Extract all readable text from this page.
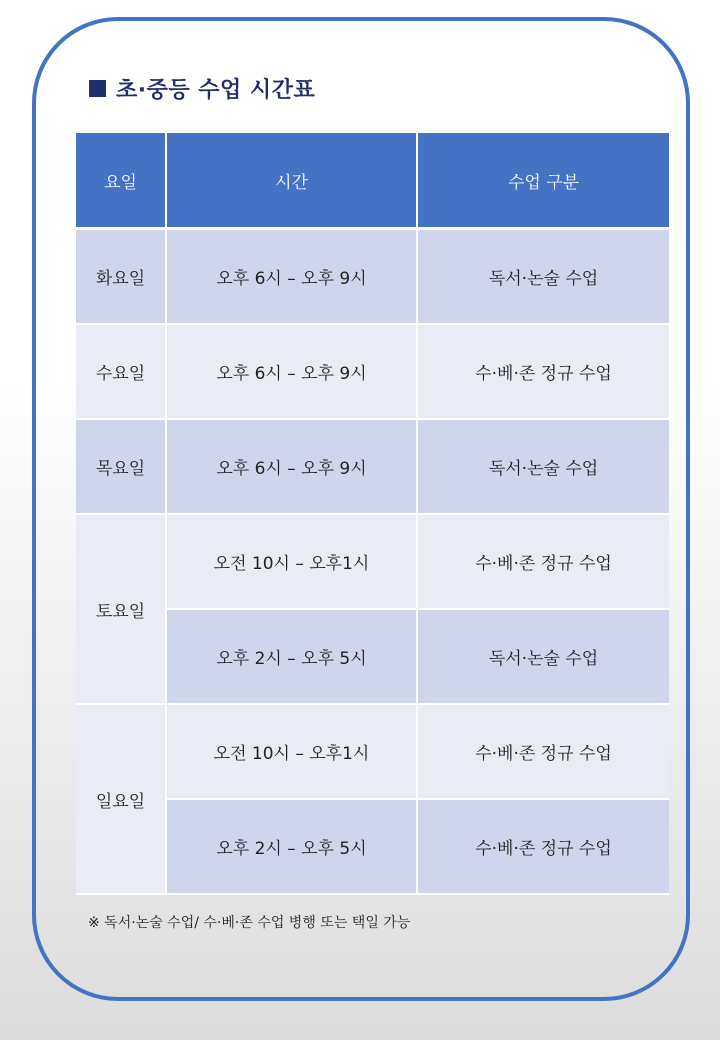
초·중등 수업 시간표
요일	시간	수업 구분
화요일	오후 6시 – 오후 9시	독서·논술 수업
수요일	오후 6시 – 오후 9시	수·베·존 정규 수업
목요일	오후 6시 – 오후 9시	독서·논술 수업
토요일	오전 10시 – 오후1시	수·베·존 정규 수업
	오후 2시 – 오후 5시	독서·논술 수업
일요일	오전 10시 – 오후1시	수·베·존 정규 수업
	오후 2시 – 오후 5시	수·베·존 정규 수업
※ 독서·논술 수업/ 수·베·존 수업 병행 또는 택일 가능
